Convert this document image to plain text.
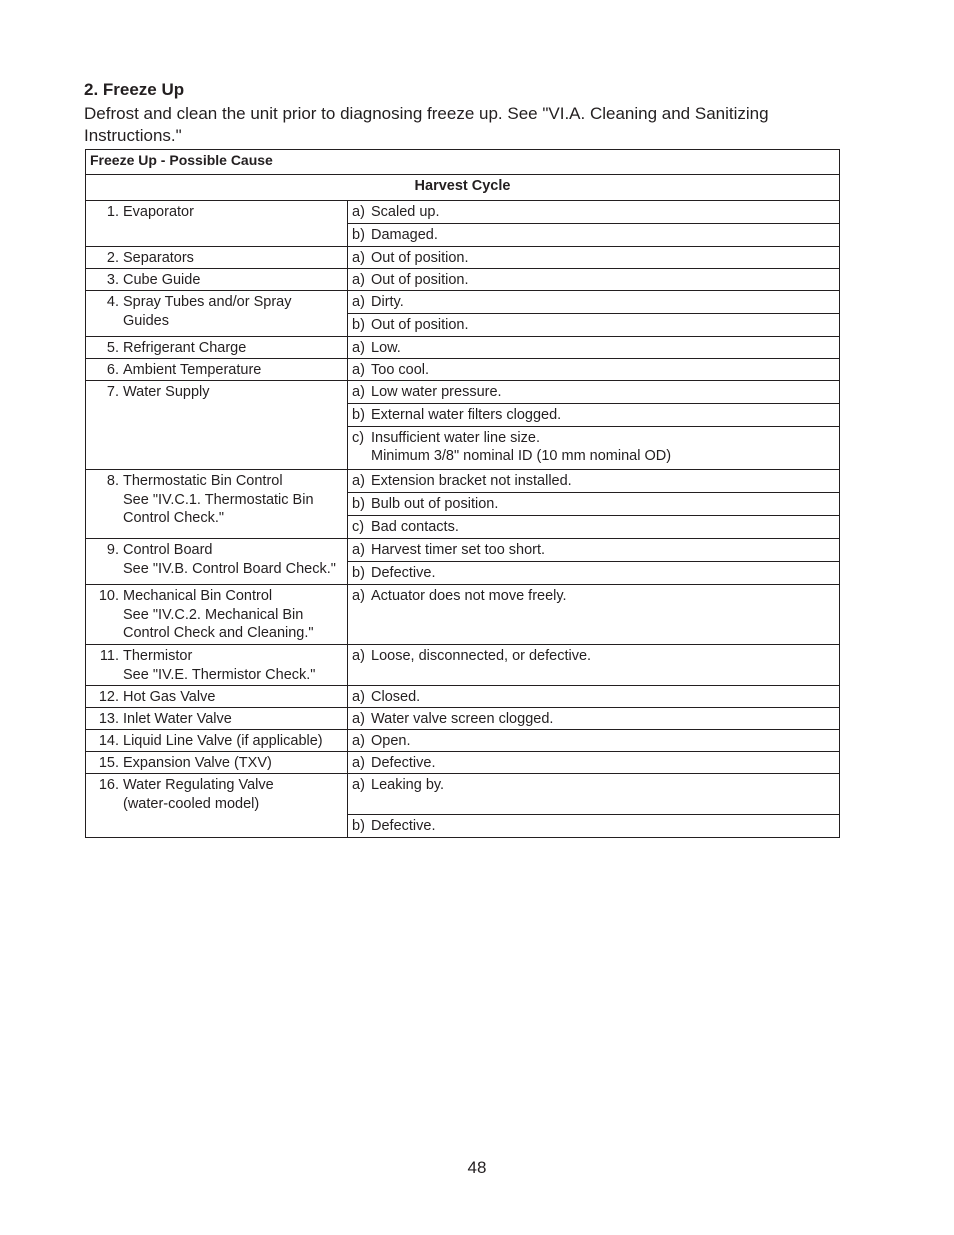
2. Freeze Up
Defrost and clean the unit prior to diagnosing freeze up. See "VI.A. Cleaning and Sanitizing Instructions."
Freeze Up - Possible Cause	
Harvest Cycle	

1. Evaporator	a) Scaled up.

	b) Damaged.

2. Separators	a) Out of position.

3. Cube Guide	a) Out of position.

4. Spray Tubes and/or Spray
Guides	a) Dirty.

	b) Out of position.

5. Refrigerant Charge	a) Low.

6. Ambient Temperature	a) Too cool.

7. Water Supply	a) Low water pressure.

	b) External water filters clogged.

	c) Insufficient water line size.
Minimum 3/8" nominal ID (10 mm nominal OD)

8. Thermostatic Bin Control
See "IV.C.1. Thermostatic Bin
Control Check."	a) Extension bracket not installed.

	b) Bulb out of position.

	c) Bad contacts.

9. Control Board
See "IV.B. Control Board Check."	a) Harvest timer set too short.

	b) Defective.

10. Mechanical Bin Control
See "IV.C.2. Mechanical Bin
Control Check and Cleaning."	a) Actuator does not move freely.

11. Thermistor
See "IV.E. Thermistor Check."	a) Loose, disconnected, or defective.

12. Hot Gas Valve	a) Closed.

13. Inlet Water Valve	a) Water valve screen clogged.

14. Liquid Line Valve (if applicable)	a) Open.

15. Expansion Valve (TXV)	a) Defective.

16. Water Regulating Valve
(water-cooled model)	a) Leaking by.

	b) Defective.
48
